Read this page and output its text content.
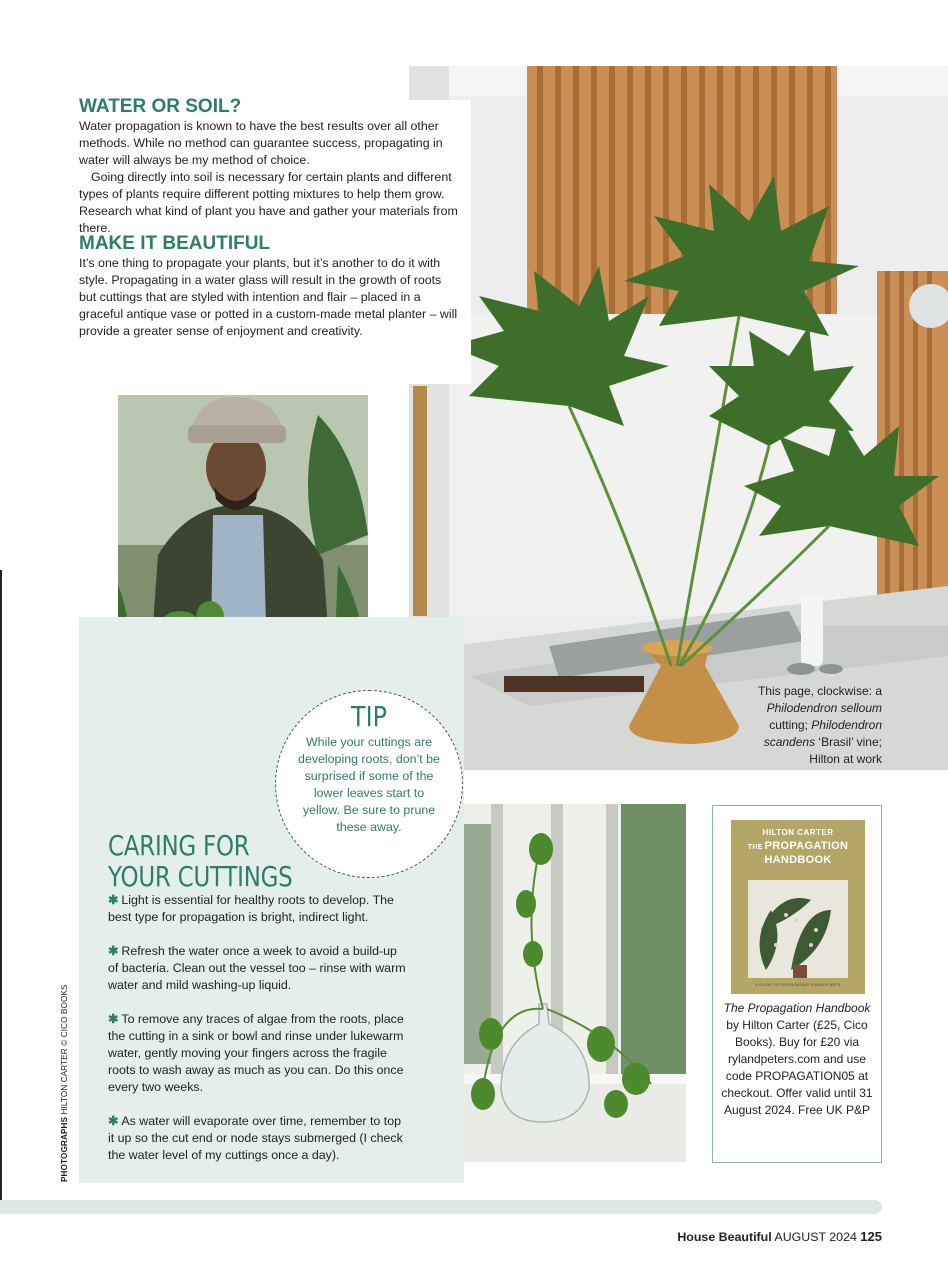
WATER OR SOIL?

Water propagation is known to have the best results over all other methods. While no method can guarantee success, propagating in water will always be my method of choice.

Going directly into soil is necessary for certain plants and different types of plants require different potting mixtures to help them grow. Research what kind of plant you have and gather your materials from there.

MAKE IT BEAUTIFUL

It’s one thing to propagate your plants, but it’s another to do it with style. Propagating in a water glass will result in the growth of roots but cuttings that are styled with intention and flair – placed in a graceful antique vase or potted in a custom-made metal planter – will provide a greater sense of enjoyment and creativity.

CARING FOR
YOUR CUTTINGS

✱ Light is essential for healthy roots to develop. The best type for propagation is bright, indirect light.

✱ Refresh the water once a week to avoid a build-up of bacteria. Clean out the vessel too – rinse with warm water and mild washing-up liquid.

✱ To remove any traces of algae from the roots, place the cutting in a sink or bowl and rinse under lukewarm water, gently moving your fingers across the fragile roots to wash away as much as you can. Do this once every two weeks.

✱ As water will evaporate over time, remember to top it up so the cut end or node stays submerged (I check the water level of my cuttings once a day).

TIP
While your cuttings are developing roots, don’t be surprised if some of the lower leaves start to yellow. Be sure to prune these away.
This page, clockwise: a Philodendron selloum cutting; Philodendron scandens ‘Brasil’ vine; Hilton at work
HILTON CARTER
THE PROPAGATION
HANDBOOK
A GUIDE TO PROPAGATING HOUSEPLANTS
The Propagation Handbook by Hilton Carter (£25, Cico Books). Buy for £20 via rylandpeters.com and use code PROPAGATION05 at checkout. Offer valid until 31 August 2024. Free UK P&P
PHOTOGRAPHS HILTON CARTER © CICO BOOKS
House Beautiful AUGUST 2024 125
